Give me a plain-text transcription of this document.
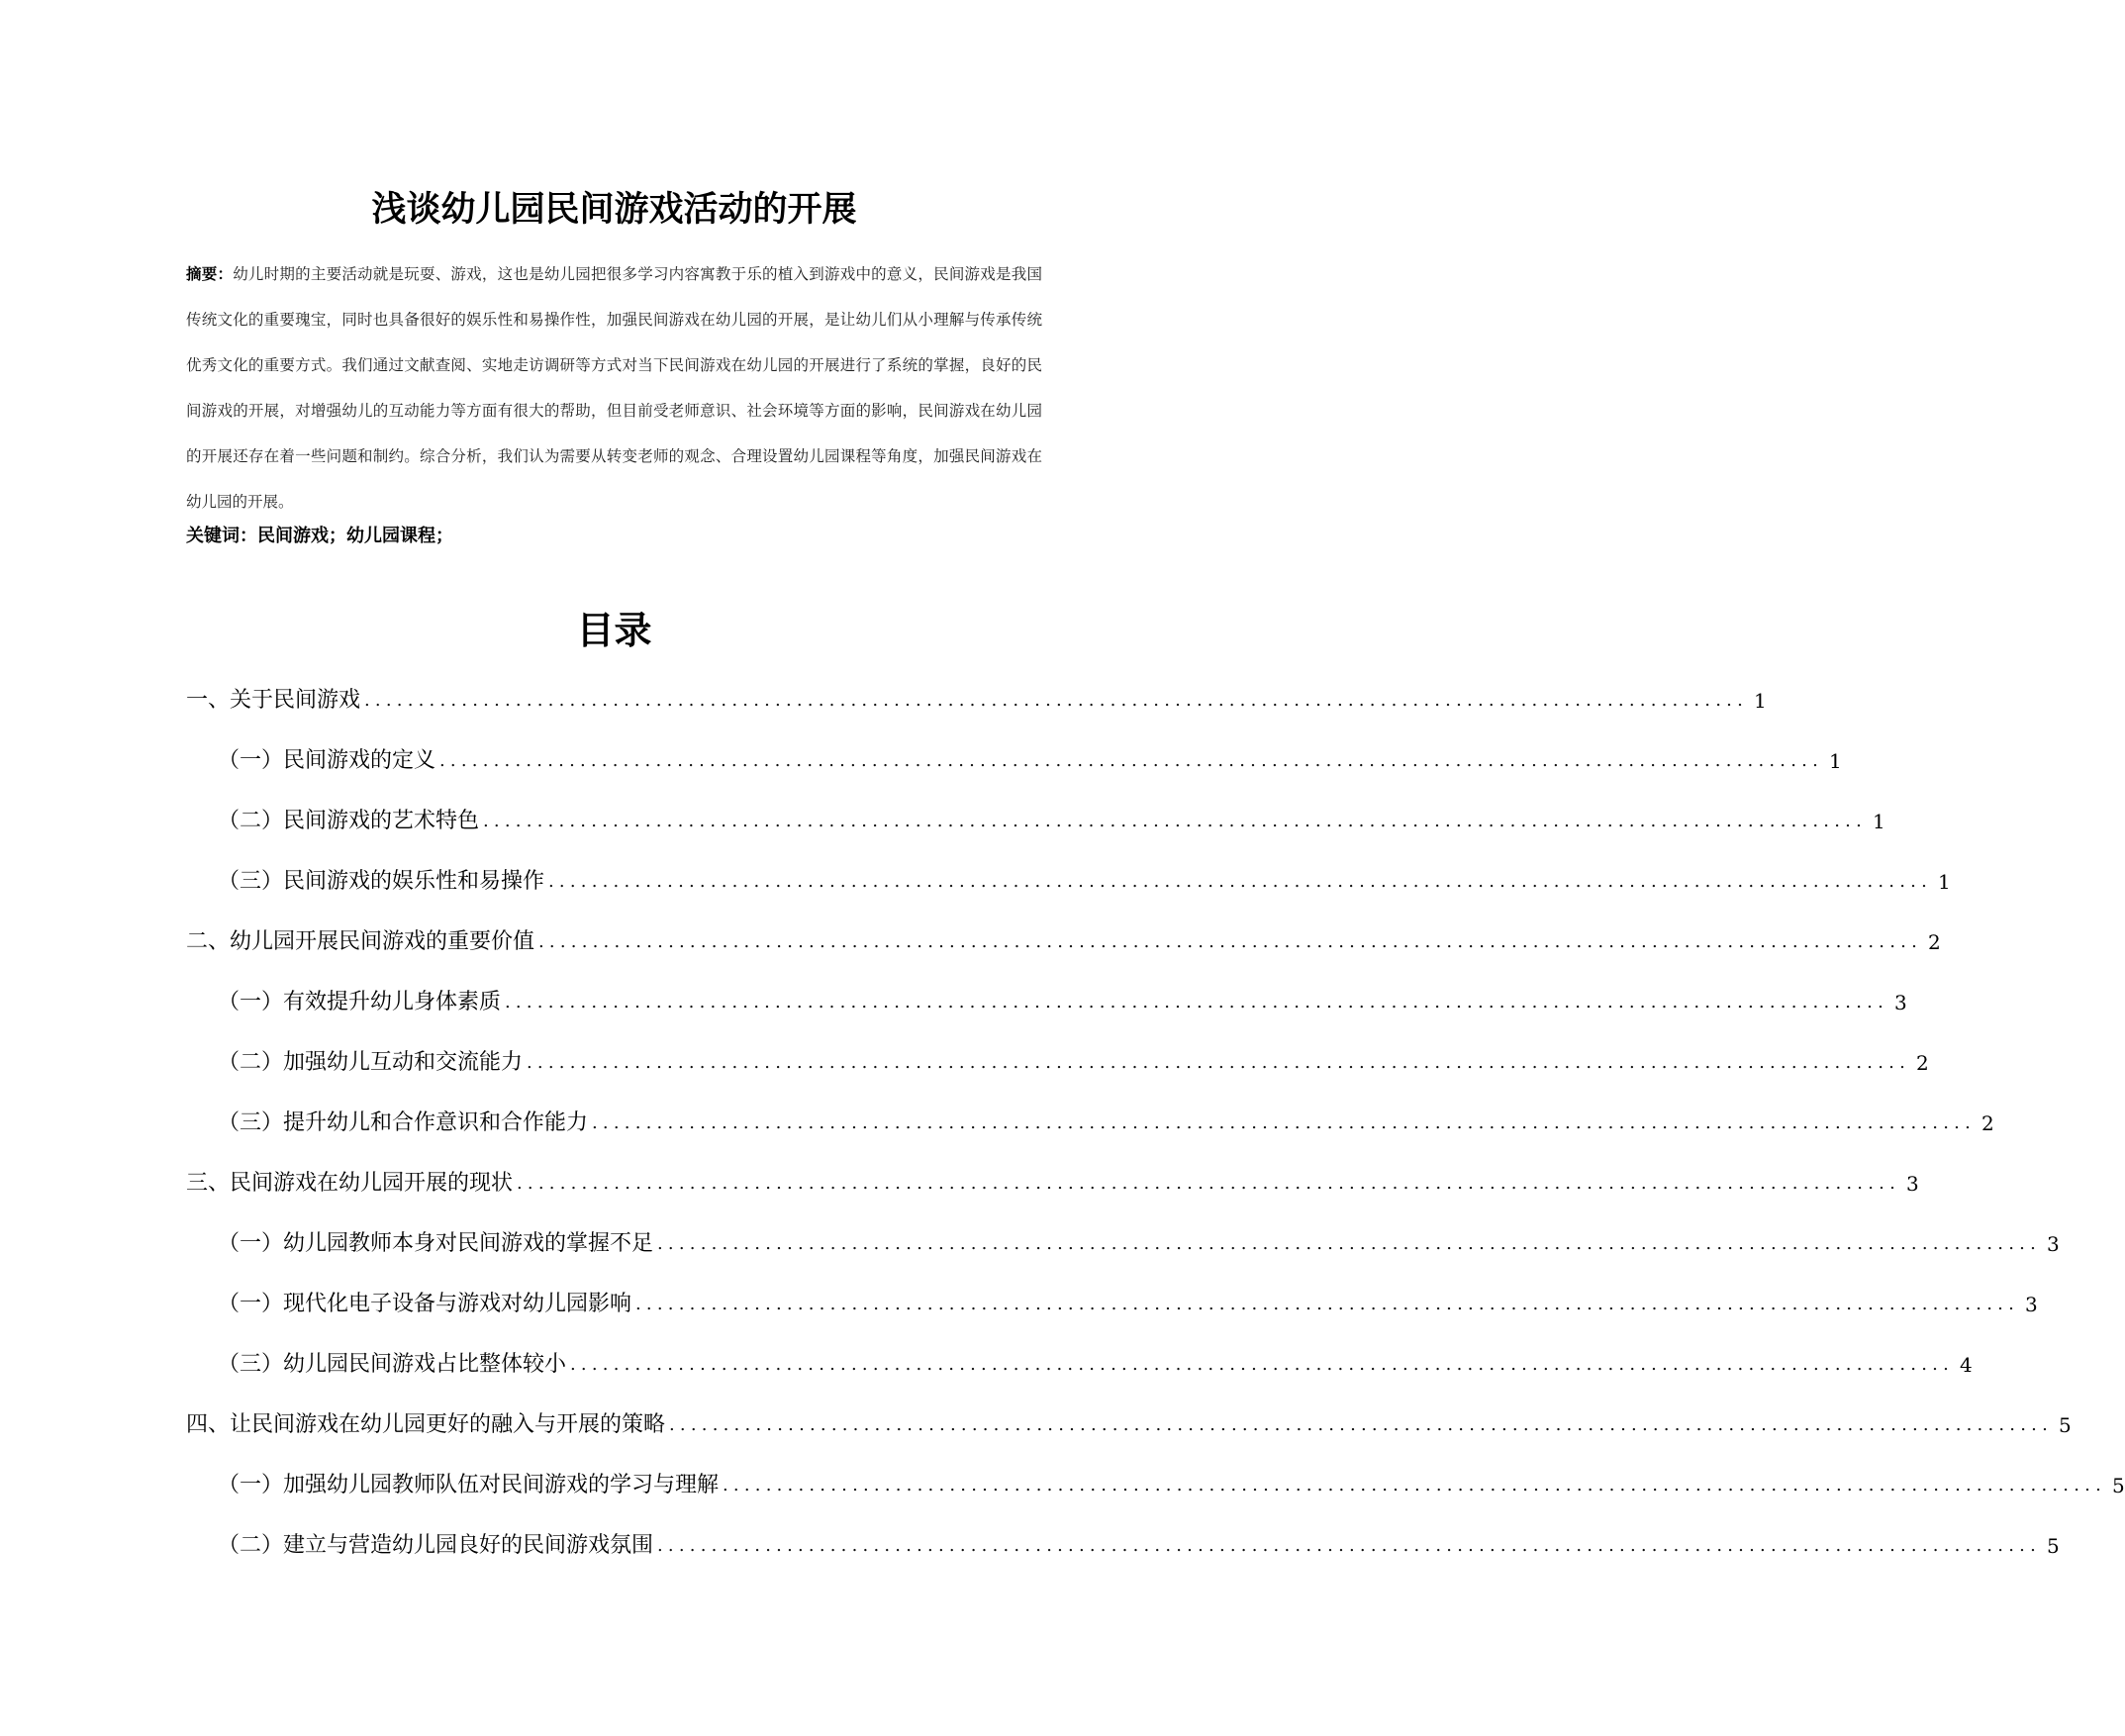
浅谈幼儿园民间游戏活动的开展

摘要：幼儿时期的主要活动就是玩耍、游戏，这也是幼儿园把很多学习内容寓教于乐的植入到游戏中的意义，民间游戏是我国传统文化的重要瑰宝，同时也具备很好的娱乐性和易操作性，加强民间游戏在幼儿园的开展，是让幼儿们从小理解与传承传统优秀文化的重要方式。我们通过文献查阅、实地走访调研等方式对当下民间游戏在幼儿园的开展进行了系统的掌握，良好的民间游戏的开展，对增强幼儿的互动能力等方面有很大的帮助，但目前受老师意识、社会环境等方面的影响，民间游戏在幼儿园的开展还存在着一些问题和制约。综合分析，我们认为需要从转变老师的观念、合理设置幼儿园课程等角度，加强民间游戏在幼儿园的开展。

关键词：民间游戏；幼儿园课程；

目录
一、关于民间游戏 ................................................................................................................................ 1
（一）民间游戏的定义 ................................................................................................................................ 1
（二）民间游戏的艺术特色 ................................................................................................................................ 1
（三）民间游戏的娱乐性和易操作 ................................................................................................................................ 1
二、幼儿园开展民间游戏的重要价值 ................................................................................................................................ 2
（一）有效提升幼儿身体素质 ................................................................................................................................ 3
（二）加强幼儿互动和交流能力 ................................................................................................................................ 2
（三）提升幼儿和合作意识和合作能力 ................................................................................................................................ 2
三、民间游戏在幼儿园开展的现状 ................................................................................................................................ 3
（一）幼儿园教师本身对民间游戏的掌握不足 ................................................................................................................................ 3
（一）现代化电子设备与游戏对幼儿园影响 ................................................................................................................................ 3
（三）幼儿园民间游戏占比整体较小 ................................................................................................................................ 4
四、让民间游戏在幼儿园更好的融入与开展的策略 ................................................................................................................................ 5
（一）加强幼儿园教师队伍对民间游戏的学习与理解 ................................................................................................................................ 5
（二）建立与营造幼儿园良好的民间游戏氛围 ................................................................................................................................ 5
